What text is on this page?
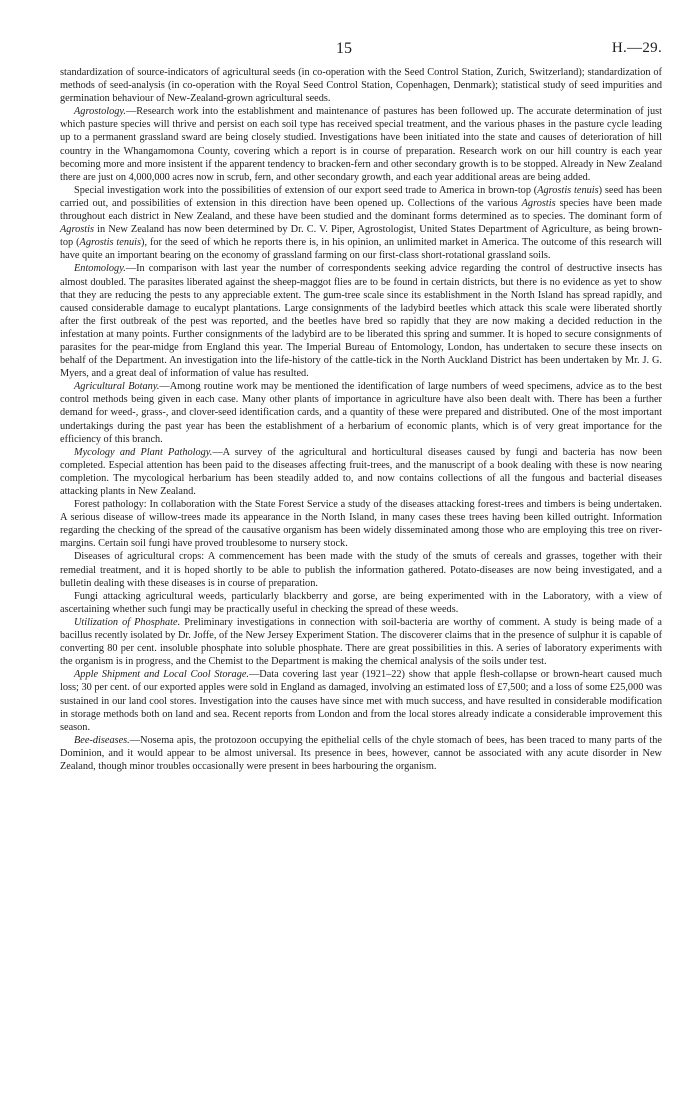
15	H.—29.

standardization of source-indicators of agricultural seeds (in co-operation with the Seed Control Station, Zurich, Switzerland); standardization of methods of seed-analysis (in co-operation with the Royal Seed Control Station, Copenhagen, Denmark); statistical study of seed impurities and germination behaviour of New-Zealand-grown agricultural seeds.

Agrostology.—Research work into the establishment and maintenance of pastures has been followed up. The accurate determination of just which pasture species will thrive and persist on each soil type has received special treatment, and the various phases in the pasture cycle leading up to a permanent grassland sward are being closely studied. Investigations have been initiated into the state and causes of deterioration of hill country in the Whangamomona County, covering which a report is in course of preparation. Research work on our hill country is each year becoming more and more insistent if the apparent tendency to bracken-fern and other secondary growth is to be stopped. Already in New Zealand there are just on 4,000,000 acres now in scrub, fern, and other secondary growth, and each year additional areas are being added.

Special investigation work into the possibilities of extension of our export seed trade to America in brown-top (Agrostis tenuis) seed has been carried out, and possibilities of extension in this direction have been opened up. Collections of the various Agrostis species have been made throughout each district in New Zealand, and these have been studied and the dominant forms determined as to species. The dominant form of Agrostis in New Zealand has now been determined by Dr. C. V. Piper, Agrostologist, United States Department of Agriculture, as being brown-top (Agrostis tenuis), for the seed of which he reports there is, in his opinion, an unlimited market in America. The outcome of this research will have quite an important bearing on the economy of grassland farming on our first-class short-rotational grassland soils.

Entomology.—In comparison with last year the number of correspondents seeking advice regarding the control of destructive insects has almost doubled. The parasites liberated against the sheep-maggot flies are to be found in certain districts, but there is no evidence as yet to show that they are reducing the pests to any appreciable extent. The gum-tree scale since its establishment in the North Island has spread rapidly, and caused considerable damage to eucalypt plantations. Large consignments of the ladybird beetles which attack this scale were liberated shortly after the first outbreak of the pest was reported, and the beetles have bred so rapidly that they are now making a decided reduction in the infestation at many points. Further consignments of the ladybird are to be liberated this spring and summer. It is hoped to secure consignments of parasites for the pear-midge from England this year. The Imperial Bureau of Entomology, London, has undertaken to secure these insects on behalf of the Department. An investigation into the life-history of the cattle-tick in the North Auckland District has been undertaken by Mr. J. G. Myers, and a great deal of information of value has resulted.

Agricultural Botany.—Among routine work may be mentioned the identification of large numbers of weed specimens, advice as to the best control methods being given in each case. Many other plants of importance in agriculture have also been dealt with. There has been a further demand for weed-, grass-, and clover-seed identification cards, and a quantity of these were prepared and distributed. One of the most important undertakings during the past year has been the establishment of a herbarium of economic plants, which is of very great importance for the efficiency of this branch.

Mycology and Plant Pathology.—A survey of the agricultural and horticultural diseases caused by fungi and bacteria has now been completed. Especial attention has been paid to the diseases affecting fruit-trees, and the manuscript of a book dealing with these is now nearing completion. The mycological herbarium has been steadily added to, and now contains collections of all the fungous and bacterial diseases attacking plants in New Zealand.

Forest pathology: In collaboration with the State Forest Service a study of the diseases attacking forest-trees and timbers is being undertaken. A serious disease of willow-trees made its appearance in the North Island, in many cases these trees having been killed outright. Information regarding the checking of the spread of the causative organism has been widely disseminated among those who are employing this tree on river-margins. Certain soil fungi have proved troublesome to nursery stock.

Diseases of agricultural crops: A commencement has been made with the study of the smuts of cereals and grasses, together with their remedial treatment, and it is hoped shortly to be able to publish the information gathered. Potato-diseases are now being investigated, and a bulletin dealing with these diseases is in course of preparation.

Fungi attacking agricultural weeds, particularly blackberry and gorse, are being experimented with in the Laboratory, with a view of ascertaining whether such fungi may be practically useful in checking the spread of these weeds.

Utilization of Phosphate. Preliminary investigations in connection with soil-bacteria are worthy of comment. A study is being made of a bacillus recently isolated by Dr. Joffe, of the New Jersey Experiment Station. The discoverer claims that in the presence of sulphur it is capable of converting 80 per cent. insoluble phosphate into soluble phosphate. There are great possibilities in this. A series of laboratory experiments with the organism is in progress, and the Chemist to the Department is making the chemical analysis of the soils under test.

Apple Shipment and Local Cool Storage.—Data covering last year (1921–22) show that apple flesh-collapse or brown-heart caused much loss; 30 per cent. of our exported apples were sold in England as damaged, involving an estimated loss of £7,500; and a loss of some £25,000 was sustained in our land cool stores. Investigation into the causes have since met with much success, and have resulted in considerable modification in storage methods both on land and sea. Recent reports from London and from the local stores already indicate a considerable improvement this season.

Bee-diseases.—Nosema apis, the protozoon occupying the epithelial cells of the chyle stomach of bees, has been traced to many parts of the Dominion, and it would appear to be almost universal. Its presence in bees, however, cannot be associated with any acute disorder in New Zealand, though minor troubles occasionally were present in bees harbouring the organism.
